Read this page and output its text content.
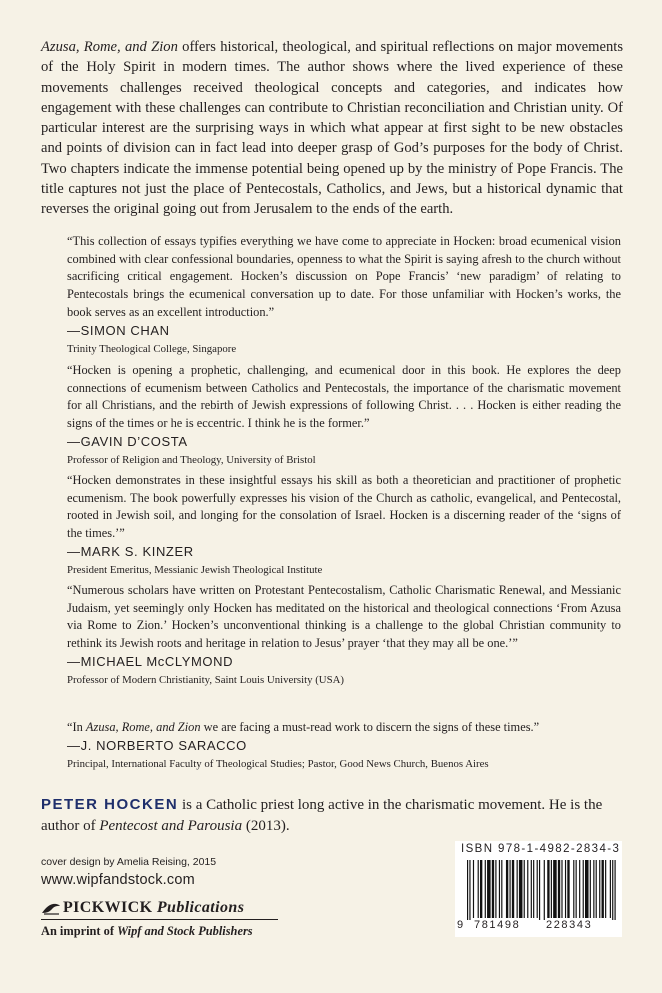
Azusa, Rome, and Zion offers historical, theological, and spiritual reflections on major movements of the Holy Spirit in modern times. The author shows where the lived experience of these movements challenges received theological concepts and categories, and indicates how engagement with these challenges can contribute to Christian reconciliation and Christian unity. Of particular interest are the surprising ways in which what appear at first sight to be new obstacles and points of division can in fact lead into deeper grasp of God’s purposes for the body of Christ. Two chapters indicate the immense potential being opened up by the ministry of Pope Francis. The title captures not just the place of Pentecostals, Catholics, and Jews, but a historical dynamic that reverses the original going out from Jerusalem to the ends of the earth.

“This collection of essays typifies everything we have come to appreciate in Hocken: broad ecumenical vision combined with clear confessional boundaries, openness to what the Spirit is saying afresh to the church without sacrificing critical engagement. Hocken’s discussion on Pope Francis’ ‘new paradigm’ of relating to Pentecostals brings the ecumenical conversation up to date. For those unfamiliar with Hocken’s works, the book serves as an excellent introduction.”

—SIMON CHAN

Trinity Theological College, Singapore

“Hocken is opening a prophetic, challenging, and ecumenical door in this book. He explores the deep connections of ecumenism between Catholics and Pentecostals, the importance of the charismatic movement for all Christians, and the rebirth of Jewish expressions of following Christ. . . . Hocken is either reading the signs of the times or he is eccentric. I think he is the former.”

—GAVIN D’COSTA

Professor of Religion and Theology, University of Bristol

“Hocken demonstrates in these insightful essays his skill as both a theoretician and practitioner of prophetic ecumenism. The book powerfully expresses his vision of the Church as catholic, evangelical, and Pentecostal, rooted in Jewish soil, and longing for the consolation of Israel. Hocken is a discerning reader of the ‘signs of the times.’”

—MARK S. KINZER

President Emeritus, Messianic Jewish Theological Institute

“Numerous scholars have written on Protestant Pentecostalism, Catholic Charismatic Renewal, and Messianic Judaism, yet seemingly only Hocken has meditated on the historical and theological connections ‘From Azusa via Rome to Zion.’ Hocken’s unconventional thinking is a challenge to the global Christian community to rethink its Jewish roots and heritage in relation to Jesus’ prayer ‘that they may all be one.’”

—MICHAEL McCLYMOND

Professor of Modern Christianity, Saint Louis University (USA)

“In Azusa, Rome, and Zion we are facing a must-read work to discern the signs of these times.”

—J. NORBERTO SARACCO

Principal, International Faculty of Theological Studies; Pastor, Good News Church, Buenos Aires

PETER HOCKEN is a Catholic priest long active in the charismatic movement. He is the author of Pentecost and Parousia (2013).

cover design by Amelia Reising, 2015

www.wipfandstock.com

PICKWICK Publications

An imprint of Wipf and Stock Publishers

ISBN 978-1-4982-2834-3

9 781498 228343
